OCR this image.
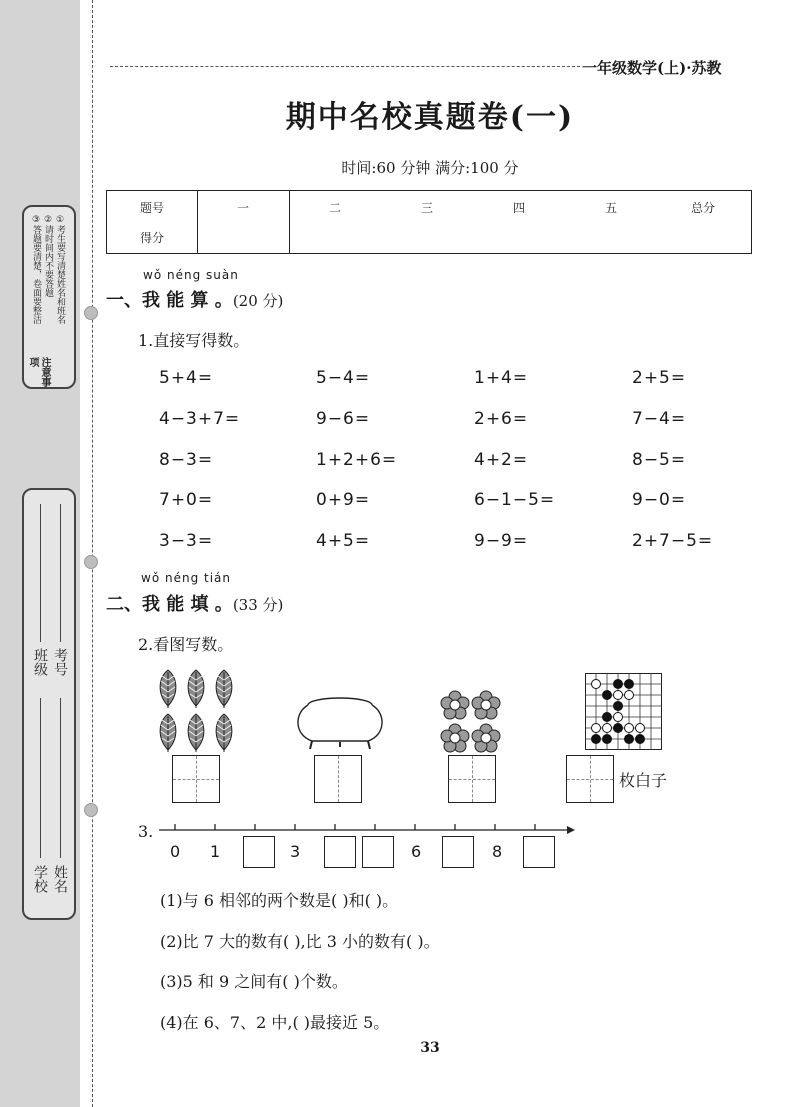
注意事项
①考生要写清楚姓名和班名
②请时间内不要答题
③答题要清楚，卷面要整洁
学校 姓名
班级 考号
一年级数学(上)·苏教
期中名校真题卷(一)
时间:60 分钟 满分:100 分
题号	一	二	三	四	五	总分
得分
wǒ néng suàn
一、我 能 算 。(20 分)
1.直接写得数。
5+4=	5−4=	1+4=	2+5=
4−3+7=	9−6=	2+6=	7−4=
8−3=	1+2+6=	4+2=	8−5=
7+0=	0+9=	6−1−5=	9−0=
3−3=	4+5=	9−9=	2+7−5=
wǒ néng tián
二、我 能 填 。(33 分)
2.看图写数。
枚白子
3.
0 1	3	6	8
(1)与 6 相邻的两个数是( )和( )。
(2)比 7 大的数有( ),比 3 小的数有( )。
(3)5 和 9 之间有( )个数。
(4)在 6、7、2 中,( )最接近 5。
33
